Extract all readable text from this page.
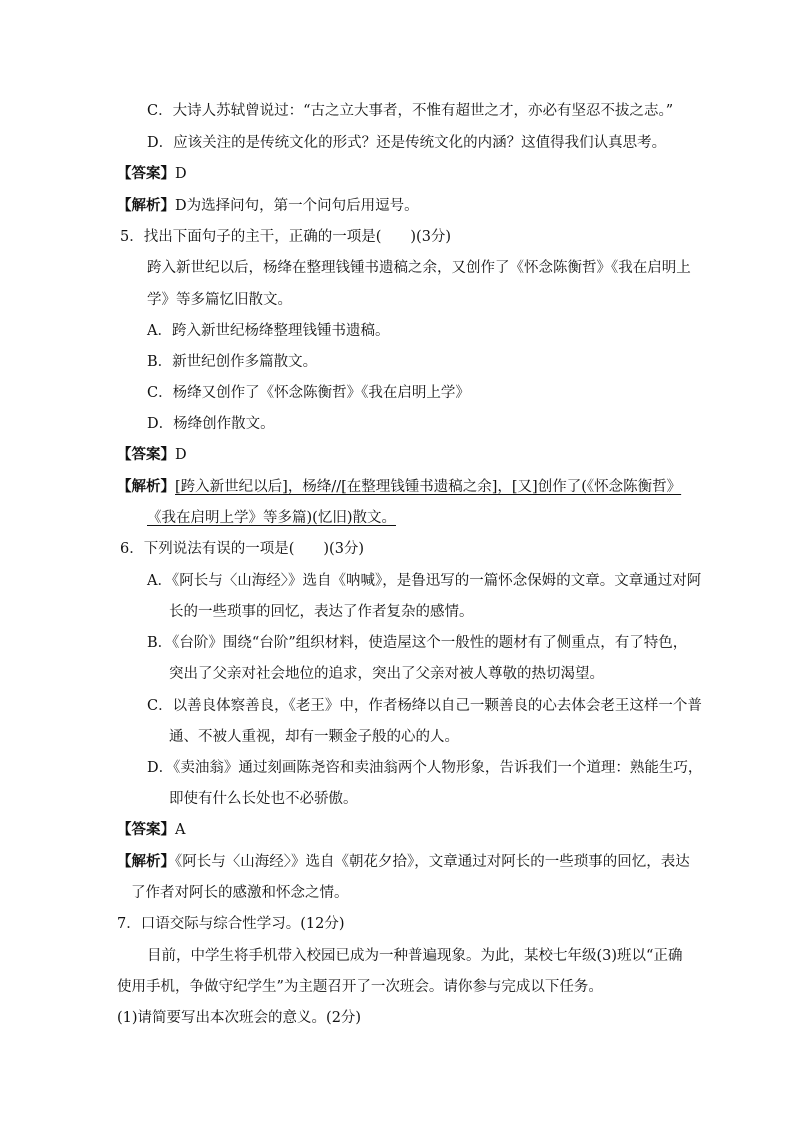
C．大诗人苏轼曾说过：“古之立大事者，不惟有超世之才，亦必有坚忍不拔之志。”
D．应该关注的是传统文化的形式？还是传统文化的内涵？这值得我们认真思考。
【答案】D
【解析】D为选择问句，第一个问句后用逗号。
5．找出下面句子的主干，正确的一项是(　　)(3分)
跨入新世纪以后，杨绛在整理钱锺书遗稿之余，又创作了《怀念陈衡哲》《我在启明上
学》等多篇忆旧散文。
A．跨入新世纪杨绛整理钱锺书遗稿。
B．新世纪创作多篇散文。
C．杨绛又创作了《怀念陈衡哲》《我在启明上学》
D．杨绛创作散文。
【答案】D
【解析】[跨入新世纪以后]，杨绛//[在整理钱锺书遗稿之余]，[又]创作了(《怀念陈衡哲》
《我在启明上学》等多篇)(忆旧)散文。
6．下列说法有误的一项是(　　)(3分)
A．《阿长与〈山海经〉》选自《呐喊》，是鲁迅写的一篇怀念保姆的文章。文章通过对阿
长的一些琐事的回忆，表达了作者复杂的感情。
B．《台阶》围绕“台阶”组织材料，使造屋这个一般性的题材有了侧重点，有了特色，
突出了父亲对社会地位的追求，突出了父亲对被人尊敬的热切渴望。
C．以善良体察善良，《老王》中，作者杨绛以自己一颗善良的心去体会老王这样一个普
通、不被人重视，却有一颗金子般的心的人。
D．《卖油翁》通过刻画陈尧咨和卖油翁两个人物形象，告诉我们一个道理：熟能生巧，
即使有什么长处也不必骄傲。
【答案】A
【解析】《阿长与〈山海经〉》选自《朝花夕拾》，文章通过对阿长的一些琐事的回忆，表达
了作者对阿长的感激和怀念之情。
7．口语交际与综合性学习。(12分)
目前，中学生将手机带入校园已成为一种普遍现象。为此，某校七年级(3)班以“正确
使用手机，争做守纪学生”为主题召开了一次班会。请你参与完成以下任务。
(1)请简要写出本次班会的意义。(2分)
